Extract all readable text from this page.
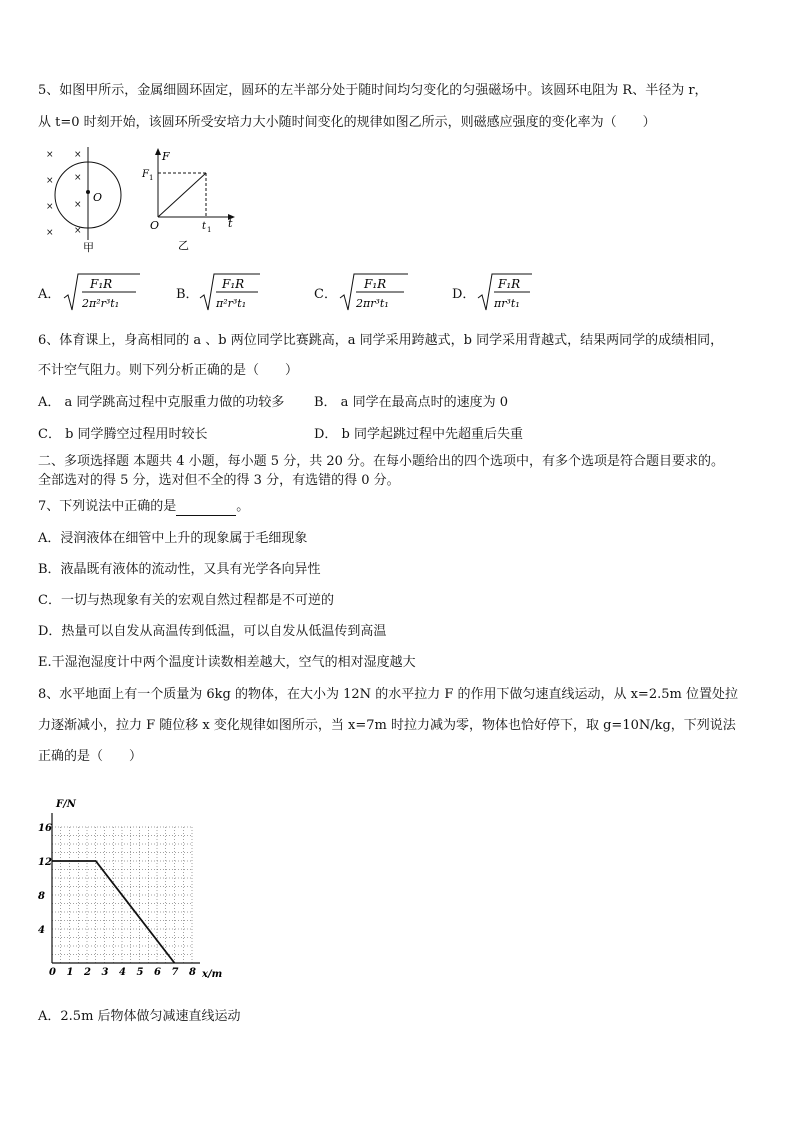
5、如图甲所示，金属细圆环固定，圆环的左半部分处于随时间均匀变化的匀强磁场中。该圆环电阻为 R、半径为 r，
从 t=0 时刻开始，该圆环所受安培力大小随时间变化的规律如图乙所示，则磁感应强度的变化率为（　　）
× ×
× ×
× ×
× ×
O
甲
F
F 1
O	t 1 t
乙
A．
F₁R
2π²r³t₁
B．
F₁R
π²r³t₁
C．
F₁R
2πr³t₁
D．
F₁R
πr³t₁
6、体育课上，身高相同的 a 、b 两位同学比赛跳高，a 同学采用跨越式，b 同学采用背越式，结果两同学的成绩相同，
不计空气阻力。则下列分析正确的是（　　）
A． a 同学跳高过程中克服重力做的功较多 B． a 同学在最高点时的速度为 0
C． b 同学腾空过程用时较长	D． b 同学起跳过程中先超重后失重
二、多项选择题 本题共 4 小题，每小题 5 分，共 20 分。在每小题给出的四个选项中，有多个选项是符合题目要求的。
全部选对的得 5 分，选对但不全的得 3 分，有选错的得 0 分。
7、下列说法中正确的是	。
A．浸润液体在细管中上升的现象属于毛细现象
B．液晶既有液体的流动性，又具有光学各向异性
C．一切与热现象有关的宏观自然过程都是不可逆的
D．热量可以自发从高温传到低温，可以自发从低温传到高温
E.干湿泡湿度计中两个温度计读数相差越大，空气的相对湿度越大
8、水平地面上有一个质量为 6kg 的物体，在大小为 12N 的水平拉力 F 的作用下做匀速直线运动，从 x=2.5m 位置处拉
力逐渐减小，拉力 F 随位移 x 变化规律如图所示，当 x=7m 时拉力减为零，物体也恰好停下，取 g=10N/kg，下列说法
正确的是（　　）
F/N
x/m
0 1 2 3 4 5 6 7 8
4
8
12
16
A．2.5m 后物体做匀减速直线运动
